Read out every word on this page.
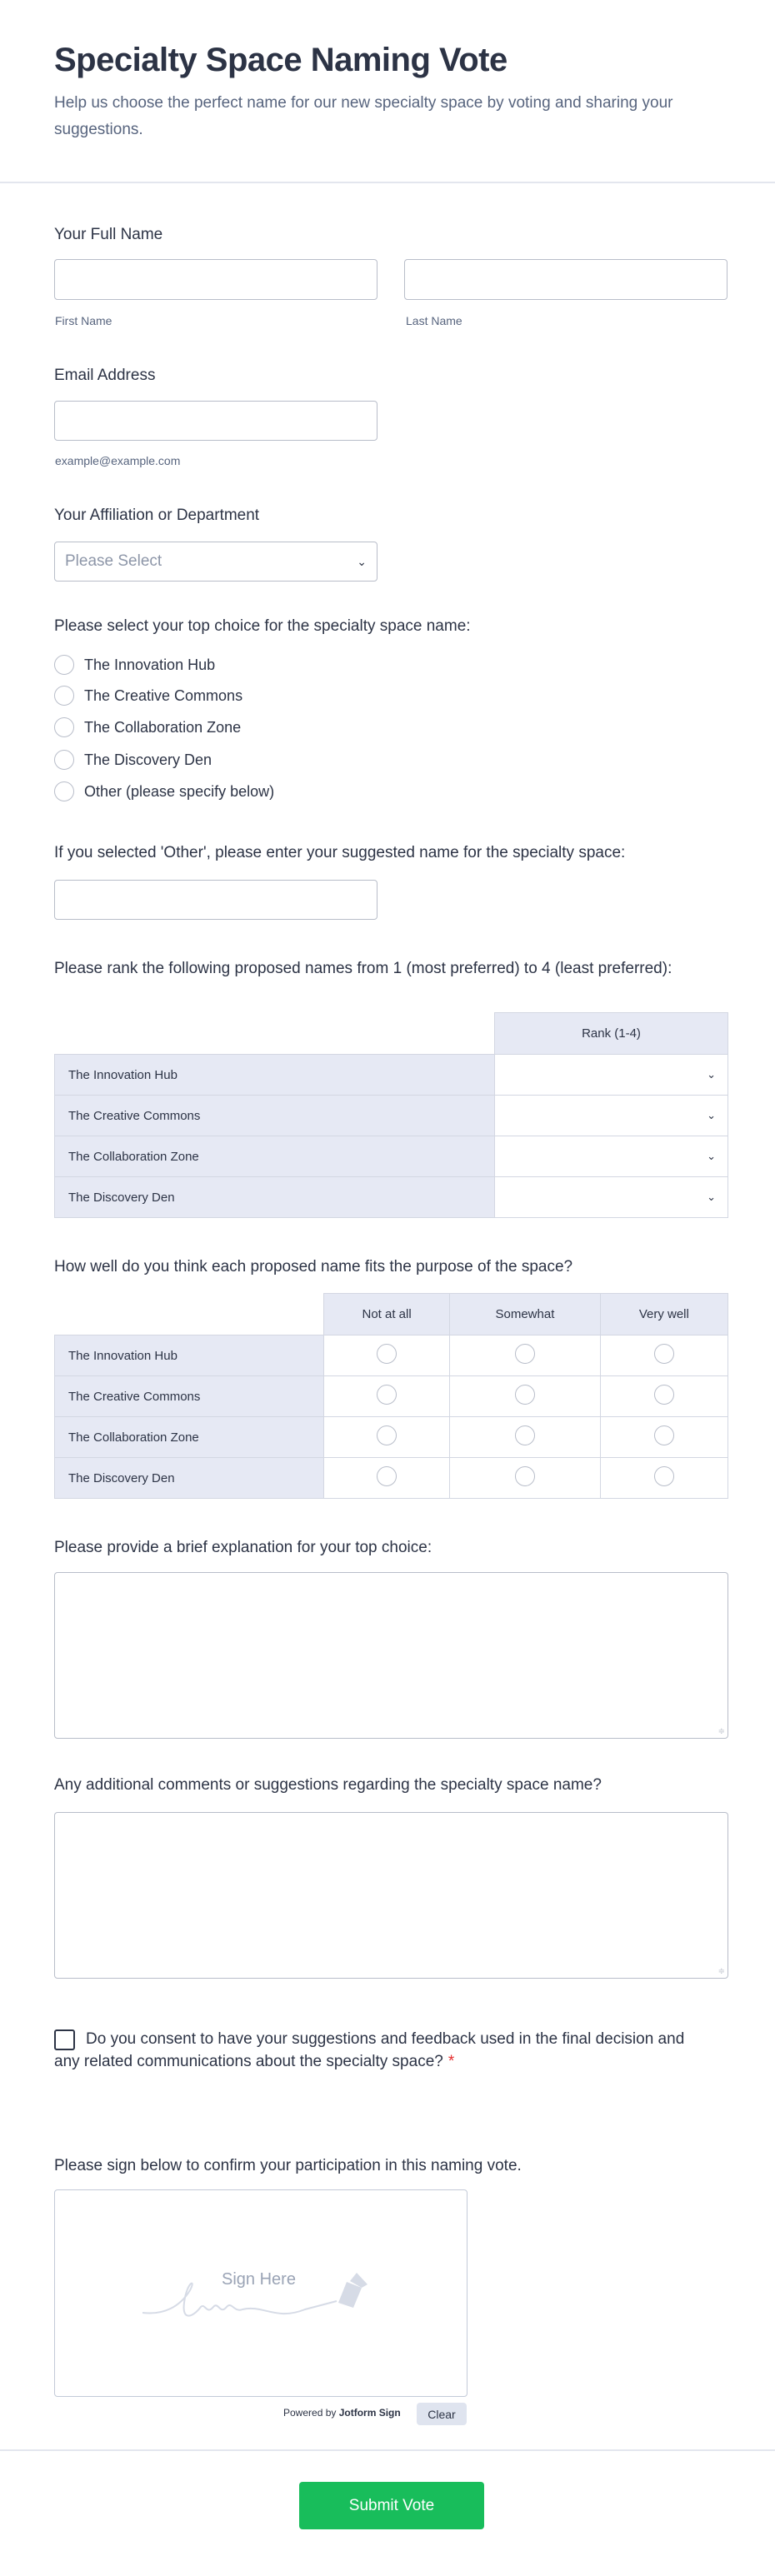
Specialty Space Naming Vote

Help us choose the perfect name for our new specialty space by voting and sharing your suggestions.

Your Full Name
First Name	Last Name
Email Address
example@example.com
Your Affiliation or Department
Please Select	⌄
Please select your top choice for the specialty space name:
The Innovation Hub
The Creative Commons
The Collaboration Zone
The Discovery Den
Other (please specify below)
If you selected 'Other', please enter your suggested name for the specialty space:
Please rank the following proposed names from 1 (most preferred) to 4 (least preferred):
	Rank (1-4)
The Innovation Hub	⌄

The Creative Commons	⌄

The Collaboration Zone	⌄

The Discovery Den	⌄
How well do you think each proposed name fits the purpose of the space?
	Not at all	Somewhat	Very well
The Innovation Hub			
The Creative Commons			
The Collaboration Zone			
The Discovery Den			
Please provide a brief explanation for your top choice:
≑
Any additional comments or suggestions regarding the specialty space name?
≑
Do you consent to have your suggestions and feedback used in the final decision and any related communications about the specialty space? *
Please sign below to confirm your participation in this naming vote.
Sign Here
Powered by Jotform Sign	Clear
Submit Vote
